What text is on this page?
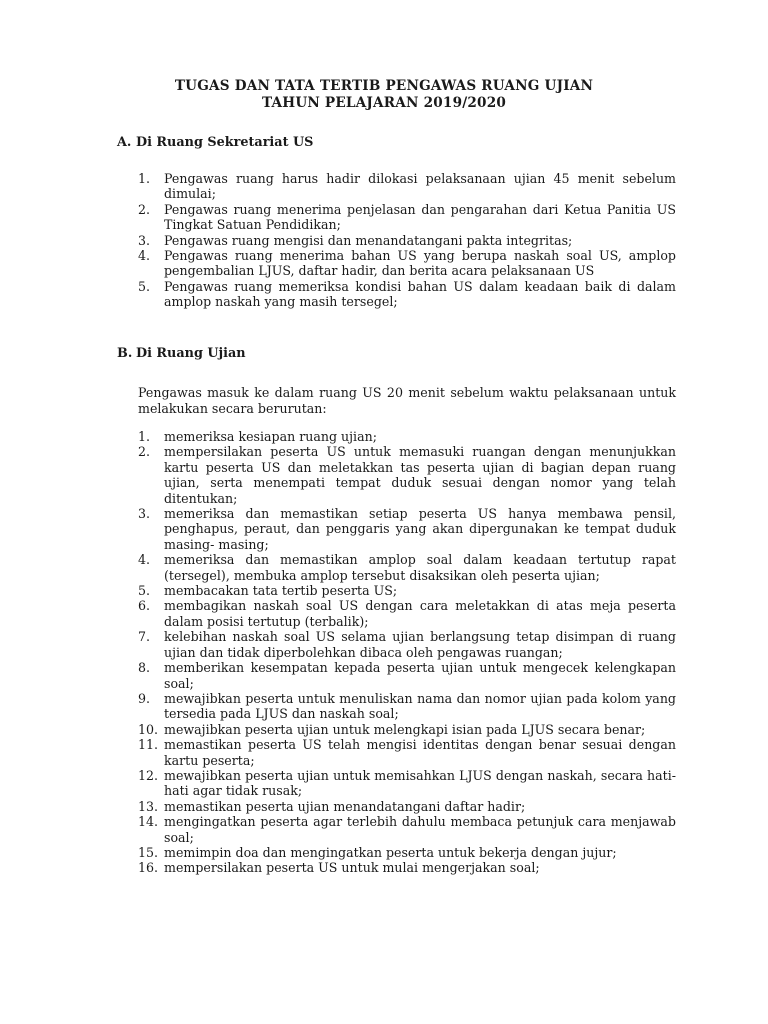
TUGAS DAN TATA TERTIB PENGAWAS RUANG UJIAN
TAHUN PELAJARAN 2019/2020
A. Di Ruang Sekretariat US
1. Pengawas ruang harus hadir dilokasi pelaksanaan ujian 45 menit sebelum dimulai;
2. Pengawas ruang menerima penjelasan dan pengarahan dari Ketua Panitia US Tingkat Satuan Pendidikan;
3. Pengawas ruang mengisi dan menandatangani pakta integritas;
4. Pengawas ruang menerima bahan US yang berupa naskah soal US, amplop pengembalian LJUS, daftar hadir, dan berita acara pelaksanaan US
5. Pengawas ruang memeriksa kondisi bahan US dalam keadaan baik di dalam amplop naskah yang masih tersegel;
B. Di Ruang Ujian
Pengawas masuk ke dalam ruang US 20 menit sebelum waktu pelaksanaan untuk melakukan secara berurutan:
1. memeriksa kesiapan ruang ujian;
2. mempersilakan peserta US untuk memasuki ruangan dengan menunjukkan kartu peserta US dan meletakkan tas peserta ujian di bagian depan ruang ujian, serta menempati tempat duduk sesuai dengan nomor yang telah ditentukan;
3. memeriksa dan memastikan setiap peserta US hanya membawa pensil, penghapus, peraut, dan penggaris yang akan dipergunakan ke tempat duduk masing- masing;
4. memeriksa dan memastikan amplop soal dalam keadaan tertutup rapat (tersegel), membuka amplop tersebut disaksikan oleh peserta ujian;
5. membacakan tata tertib peserta US;
6. membagikan naskah soal US dengan cara meletakkan di atas meja peserta dalam posisi tertutup (terbalik);
7. kelebihan naskah soal US selama ujian berlangsung tetap disimpan di ruang ujian dan tidak diperbolehkan dibaca oleh pengawas ruangan;
8. memberikan kesempatan kepada peserta ujian untuk mengecek kelengkapan soal;
9. mewajibkan peserta untuk menuliskan nama dan nomor ujian pada kolom yang tersedia pada LJUS dan naskah soal;
10. mewajibkan peserta ujian untuk melengkapi isian pada LJUS secara benar;
11. memastikan peserta US telah mengisi identitas dengan benar sesuai dengan kartu peserta;
12. mewajibkan peserta ujian untuk memisahkan LJUS dengan naskah, secara hati-hati agar tidak rusak;
13. memastikan peserta ujian menandatangani daftar hadir;
14. mengingatkan peserta agar terlebih dahulu membaca petunjuk cara menjawab soal;
15. memimpin doa dan mengingatkan peserta untuk bekerja dengan jujur;
16. mempersilakan peserta US untuk mulai mengerjakan soal;
